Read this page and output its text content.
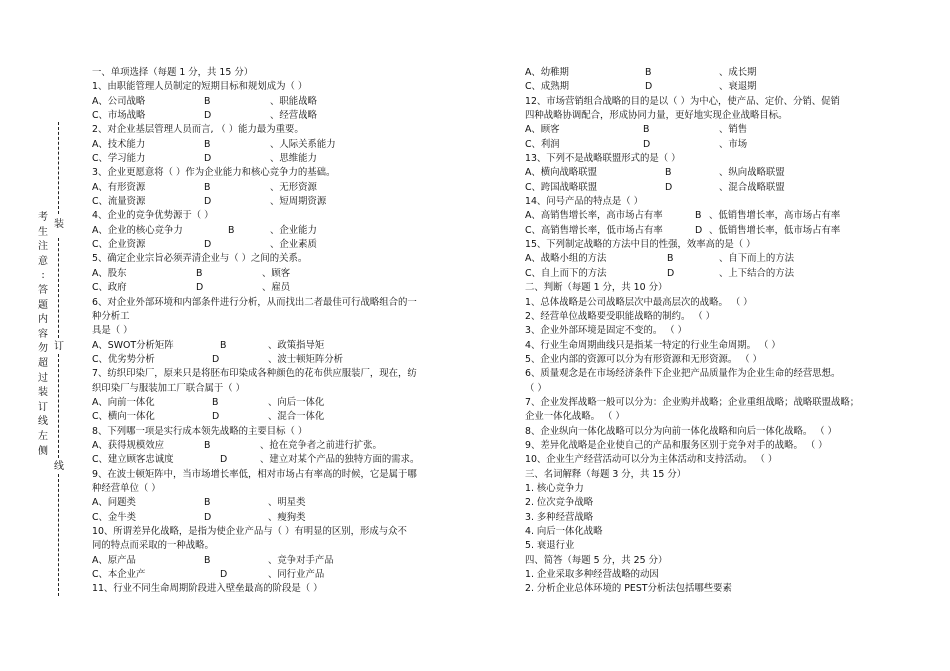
装
订
线
考
生
注
意
:
答
题
内
容
勿
超
过
装
订
线
左
侧
一、单项选择（每题 1 分，共 15 分）
1、由职能管理人员制定的短期目标和规划成为（ ）
A、公司战略	B	、职能战略
C、市场战略	D	、经营战略
2、对企业基层管理人员而言, （ ）能力最为重要。
A、技术能力	B	、人际关系能力
C、学习能力	D	、思维能力
3、企业更愿意将（ ）作为企业能力和核心竞争力的基础。
A、有形资源	B	、无形资源
C、流量资源	D	、短周期资源
4、企业的竞争优势源于（ ）
A、企业的核心竞争力	B	、企业能力
C、企业资源	D	、企业素质
5、确定企业宗旨必须弄清企业与（ ）之间的关系。
A、股东	B	、顾客
C、政府	D	、雇员
6、对企业外部环境和内部条件进行分析，从而找出二者最佳可行战略组合的一
种分析工
具是（ ）
A、SWOT分析矩阵	B	、政策指导矩
C、优劣势分析	D	、波士顿矩阵分析
7、纺织印染厂，原来只是将胚布印染成各种颜色的花布供应服装厂，现在，纺
织印染厂与服装加工厂联合属于（ ）
A、向前一体化	B	、向后一体化
C、横向一体化	D	、混合一体化
8、下列哪一项是实行成本领先战略的主要目标（ ）
A、获得规模效应	B	、抢在竞争者之前进行扩张。
C、建立顾客忠诚度	D	、建立对某个产品的独特方面的需求。
9、在波士顿矩阵中，当市场增长率低，相对市场占有率高的时候，它是属于哪
种经营单位（ ）
A、问题类	B	、明星类
C、金牛类	D	、瘦狗类
10、所谓差异化战略，是指为使企业产品与（ ）有明显的区别，形成与众不
同的特点而采取的一种战略。
A、原产品	B	、竞争对手产品
C、本企业产	D	、同行业产品
11、行业不同生命周期阶段进入壁垒最高的阶段是（ ）
A、幼稚期	B	、成长期
C、成熟期	D	、衰退期
12、市场营销组合战略的目的是以（ ）为中心，使产品、定价、分销、促销
四种战略协调配合，形成协同力量，更好地实现企业战略目标。
A、顾客	B	、销售
C、利润	D	、市场
13、下列不是战略联盟形式的是（ ）
A、横向战略联盟	B	、纵向战略联盟
C、跨国战略联盟	D	、混合战略联盟
14、问号产品的特点是（ ）
A、高销售增长率，高市场占有率	B 、低销售增长率，高市场占有率
C、高销售增长率，低市场占有率	D 、低销售增长率，低市场占有率
15、下列制定战略的方法中目的性强，效率高的是（ ）
A、战略小组的方法	B	、自下而上的方法
C、自上而下的方法	D	、上下结合的方法
二、判断（每题 1 分，共 10 分）
1、总体战略是公司战略层次中最高层次的战略。 （ ）
2、经营单位战略要受职能战略的制约。 （ ）
3、企业外部环境是固定不变的。 （ ）
4、行业生命周期曲线只是指某一特定的行业生命周期。 （ ）
5、企业内部的资源可以分为有形资源和无形资源。 （ ）
6、质量观念是在市场经济条件下企业把产品质量作为企业生命的经营思想。
（ ）
7、企业发挥战略一般可以分为：企业购并战略；企业重组战略；战略联盟战略；
企业一体化战略。 （ ）
8、企业纵向一体化战略可以分为向前一体化战略和向后一体化战略。 （ ）
9、差异化战略是企业使自己的产品和服务区别于竞争对手的战略。 （ ）
10、企业生产经营活动可以分为主体活动和支持活动。 （ ）
三、名词解释（每题 3 分，共 15 分）
1. 核心竞争力
2. 位次竞争战略
3. 多种经营战略
4. 向后一体化战略
5. 衰退行业
四、简答（每题 5 分，共 25 分）
1. 企业采取多种经营战略的动因
2. 分析企业总体环境的 PEST分析法包括哪些要素
